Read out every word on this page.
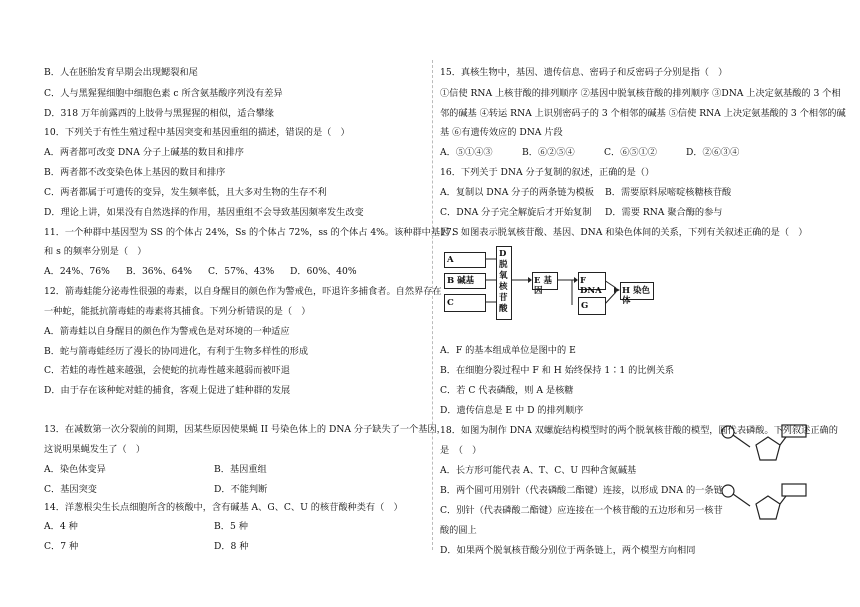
B．人在胚胎发育早期会出现鳃裂和尾
C．人与黑猩猩细胞中细胞色素 c 所含氨基酸序列没有差异
D．318 万年前露西的上肢骨与黑猩猩的相似，适合攀缘
10．下列关于有性生殖过程中基因突变和基因重组的描述，错误的是（　）
A．两者都可改变 DNA 分子上碱基的数目和排序
B．两者都不改变染色体上基因的数目和排序
C．两者都属于可遗传的变异，发生频率低，且大多对生物的生存不利
D．理论上讲，如果没有自然选择的作用，基因重组不会导致基因频率发生改变
11．一个种群中基因型为 SS 的个体占 24%，Ss 的个体占 72%，ss 的个体占 4%。该种群中基因 S
和 s 的频率分别是（　）
A．24%、76% B．36%、64% C．57%、43% D．60%、40%
12．箭毒蛙能分泌毒性很强的毒素，以自身醒目的颜色作为警戒色，吓退许多捕食者。自然界存在
一种蛇，能抵抗箭毒蛙的毒素将其捕食。下列分析错误的是（　）
A．箭毒蛙以自身醒目的颜色作为警戒色是对环境的一种适应
B．蛇与箭毒蛙经历了漫长的协同进化，有利于生物多样性的形成
C．若蛙的毒性越来越强，会使蛇的抗毒性越来越弱而被吓退
D．由于存在该种蛇对蛙的捕食，客观上促进了蛙种群的发展
13．在减数第一次分裂前的间期，因某些原因使果蝇 II 号染色体上的 DNA 分子缺失了一个基因，
这说明果蝇发生了（　）
A．染色体变异	B．基因重组
C．基因突变	D．不能判断
14．洋葱根尖生长点细胞所含的核酸中，含有碱基 A、G、C、U 的核苷酸种类有（　）
A．4 种	B．5 种
C．7 种	D．8 种
15．真核生物中，基因、遗传信息、密码子和反密码子分别是指（　）
①信使 RNA 上核苷酸的排列顺序 ②基因中脱氧核苷酸的排列顺序 ③DNA 上决定氨基酸的 3 个相
邻的碱基 ④转运 RNA 上识别密码子的 3 个相邻的碱基 ⑤信使 RNA 上决定氨基酸的 3 个相邻的碱
基 ⑥有遗传效应的 DNA 片段
A．⑤①④③	B．⑥②⑤④	C．⑥⑤①②	D．②⑥③④
16．下列关于 DNA 分子复制的叙述，正确的是（）
A．复制以 DNA 分子的两条链为模板 B．需要原料尿嘧啶核糖核苷酸
C．DNA 分子完全解旋后才开始复制 D．需要 RNA 聚合酶的参与
17．如图表示脱氧核苷酸、基因、DNA 和染色体间的关系，下列有关叙述正确的是（　）
A
B 碱基
C
D 脱 氧 核 苷 酸
E 基因
F DNA
G
H 染色体
A．F 的基本组成单位是图中的 E
B．在细胞分裂过程中 F 和 H 始终保持 1∶1 的比例关系
C．若 C 代表磷酸，则 A 是核糖
D．遗传信息是 E 中 D 的排列顺序
18．如图为制作 DNA 双螺旋结构模型时的两个脱氧核苷酸的模型，圆代表磷酸。下列叙述正确的
是　（　）
A．长方形可能代表 A、T、C、U 四种含氮碱基
B．两个圆可用别针（代表磷酸二酯键）连接，以形成 DNA 的一条链
C．别针（代表磷酸二酯键）应连接在一个核苷酸的五边形和另一核苷
酸的圆上
D．如果两个脱氧核苷酸分别位于两条链上，两个模型方向相同
